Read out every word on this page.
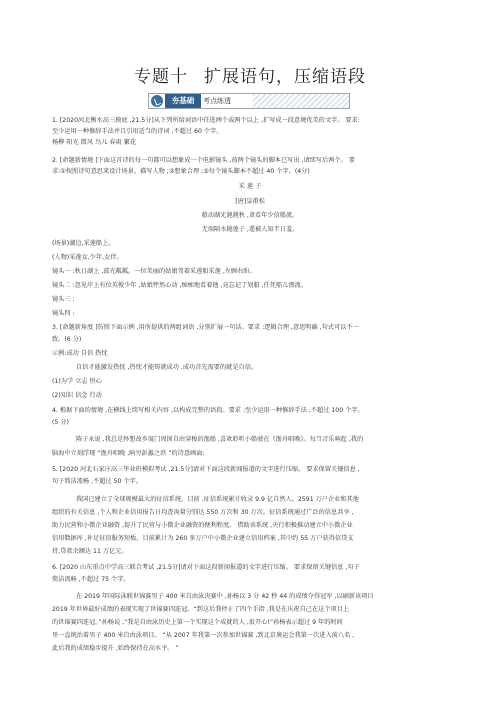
专题十 扩展语句，压缩语段
夯基础	考点练透
1. [2020河北衡水高三摸底 ,21.5分]从下列所给词语中任选两个或两个以上 ,扩写成一段意境优美的文字。 要求:
至少运用一种修辞手法并且引用适当的诗词 ,不超过 60 个字。
杨柳 阳光 微风 鸟儿 春雨 繁花
2. [命题新情境 ]下面这首诗的每一句都可以想象成一个电影镜头 ,前两个镜头的脚本已写出 ,请续写后两个。 要
求:①按照诗句意思来设计场景、描写人物 ;②想象合理 ;③每个镜头脚本不超过 40 个字。(4分)
采 莲 子
[唐]皇甫松
船动湖光滟滟秋 ,贪看年少信船流。
无端隔水抛莲子 ,遥被人知半日羞。
(场景)湖边,采莲船上。
(人物)采莲女,少年,女伴。
镜头一 :秋日湖上 ,波光粼粼。一位美丽的姑娘驾着采莲船采莲 ,左顾右盼。
镜头二 :忽见岸上有位英俊少年 ,姑娘怦然心动 ,痴痴地看着他 ,竟忘记了划船 ,任凭船儿漂流。
镜头三 :
镜头四 :
3. [命题新角度 ]仿照下面示例 ,用所提供的两组词语 ,分别扩展一句话。要求 :逻辑合理 ,意思明确 ,句式可以不一
致。(6 分)
示例:成功 自信 热忱
自信才能激发热忱 ,热忱才能铸就成功 ,成功首先需要的就是自信。
(1)为学 立志 恒心
(2)知识 信念 行动
4. 根据下面的情境 ,在横线上续写相关内容 ,以构成完整的语段。要求 :至少运用一种修辞手法 ,不超过 100 个字。
(5 分)
陈子永说 ,我总是怀想故乡厦门周围自由穿梭的渔船 ,喜欢聆听小船驶在《渔舟唱晚》。每当音乐响起 ,我的
脑海中立刻浮现 “渔舟唱晚 ,响穷彭蠡之滨 ”的诗意画面:
5. [2020 河北石家庄高三毕业班模拟考试 ,21.5分]请对下面这段新闻报道的文字进行压缩。 要求保留关键信息 ,
句子简洁流畅 ,不超过 50 个字。
我国已建立了全球规模最大的征信系统。目前 ,征信系统累计收录 9.9 亿自然人、2591 万户企业和其他
组织的有关信息 ,个人和企业信用报告日均查询量分别达 550 万次和 30 万次。征信系统通过广泛的信息共享 ,
助力民营和小微企业融资 ,提升了民营与小微企业融资的便利程度。 借助该系统 ,央行积极推动建立中小微企业
信用数据库 ,补足征信服务短板。目前累计为 260 多万户中小微企业建立信用档案 ,其中约 55 万户获得信贷支
持,贷款余额达 11 万亿元。
6. [2020 山东重点中学高三联合考试 ,21.5分]请对下面这段新闻报道的文字进行压缩。 要求保留关键信息 ,句子
简洁流畅 ,不超过 75 个字。
在 2019 年国际泳联世锦赛男子 400 米自由泳决赛中 ,孙杨以 3 分 42 秒 44 的成绩夺得冠军 ,以刷新该项目
2019 年世界最好成绩的表现实现了世锦赛四连冠。“到这后我停止了四个手指 ,我是在庆祝自己在这个项目上
的世锦赛四连冠。”孙杨说 ,“我是自由泳历史上第一个实现这个成就的人 ,很开心!”孙杨表示超过 9 年的时间
里一直统治着男子 400 米自由泳项目。 “从 2007 年我第一次参加世锦赛 ,到北京奥运会我第一次进入前八名 ,
此后我的成绩稳步提升 ,始终保持在高水平。 ”
